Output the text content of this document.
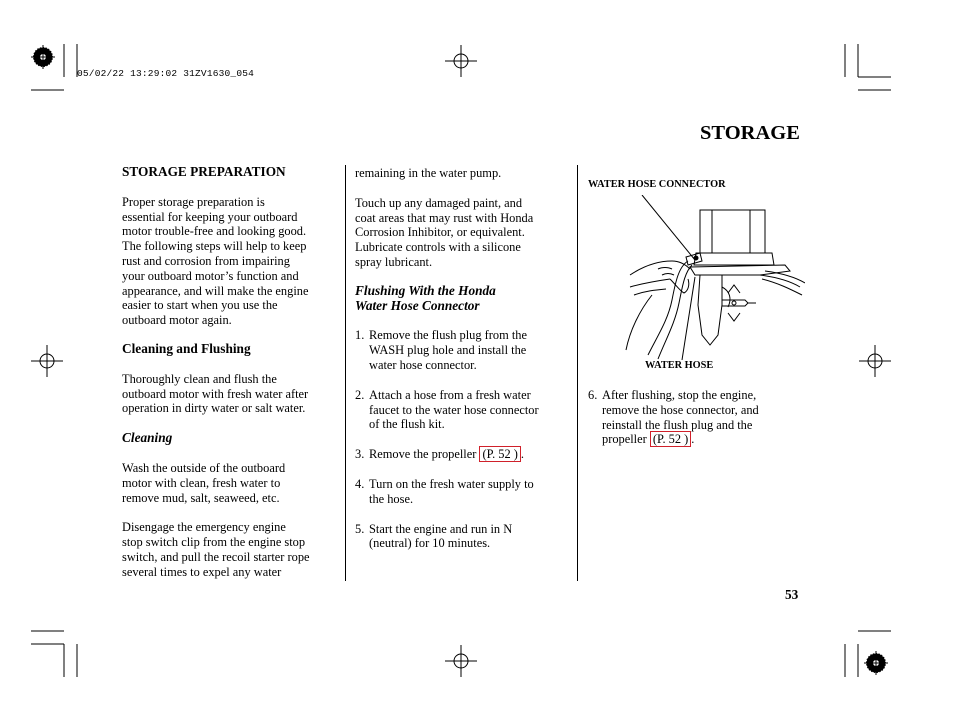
05/02/22 13:29:02 31ZV1630_054
STORAGE

STORAGE PREPARATION

Proper storage preparation is

essential for keeping your outboard

motor trouble-free and looking good.

The following steps will help to keep

rust and corrosion from impairing

your outboard motor’s function and

appearance, and will make the engine

easier to start when you use the

outboard motor again.

Cleaning and Flushing

Thoroughly clean and flush the

outboard motor with fresh water after

operation in dirty water or salt water.

Cleaning

Wash the outside of the outboard

motor with clean, fresh water to

remove mud, salt, seaweed, etc.

Disengage the emergency engine

stop switch clip from the engine stop

switch, and pull the recoil starter rope

several times to expel any water

remaining in the water pump.

Touch up any damaged paint, and

coat areas that may rust with Honda

Corrosion Inhibitor, or equivalent.

Lubricate controls with a silicone

spray lubricant.

Flushing With the Honda

Water Hose Connector

1. Remove the flush plug from the

WASH plug hole and install the

water hose connector.

2. Attach a hose from a fresh water

faucet to the water hose connector

of the flush kit.

3. Remove the propeller (P. 52 ) .

4. Turn on the fresh water supply to

the hose.

5. Start the engine and run in N

(neutral) for 10 minutes.

WATER HOSE CONNECTOR
WATER HOSE
6. After flushing, stop the engine,

remove the hose connector, and

reinstall the flush plug and the

propeller (P. 52 ) .

53
